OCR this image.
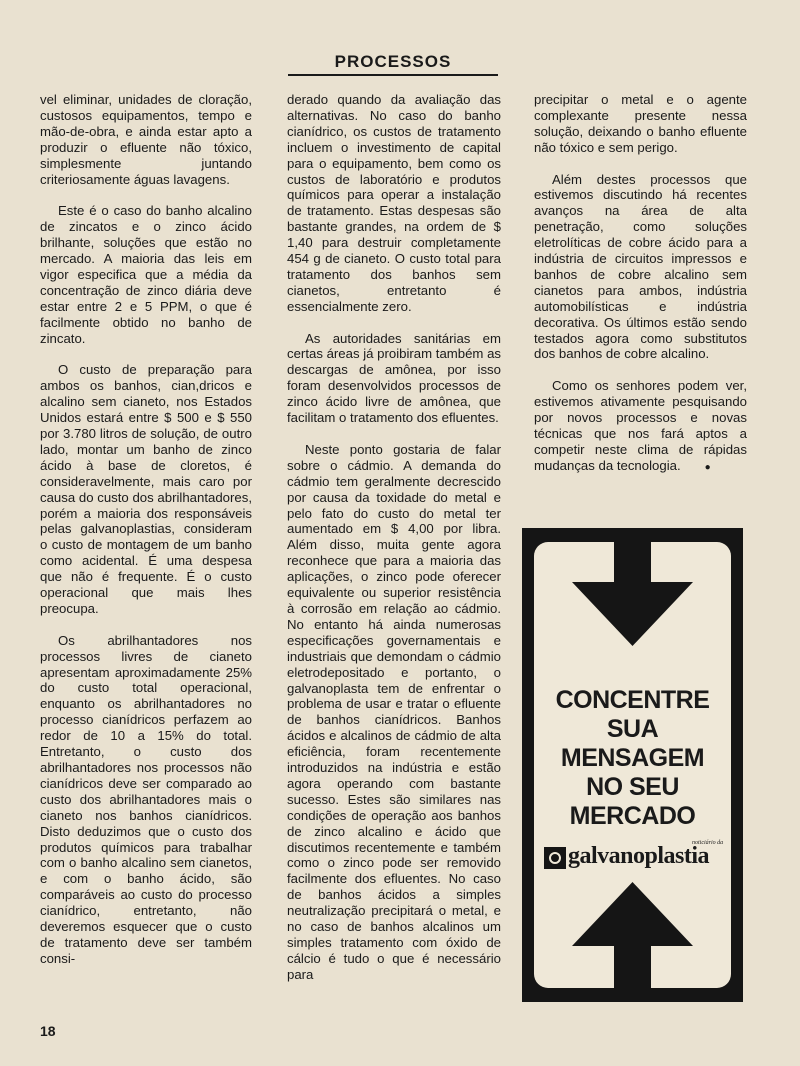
PROCESSOS

vel eliminar, unidades de cloração, custosos equipamentos, tempo e mão-de-obra, e ainda estar apto a produzir o efluente não tóxico, simplesmente juntando criteriosamente águas lavagens.

Este é o caso do banho alcalino de zincatos e o zinco ácido brilhante, soluções que estão no mercado. A maioria das leis em vigor especifica que a média da concentração de zinco diária deve estar entre 2 e 5 PPM, o que é facilmente obtido no banho de zincato.

O custo de preparação para ambos os banhos, cian,dricos e alcalino sem cianeto, nos Estados Unidos estará entre $ 500 e $ 550 por 3.780 litros de solução, de outro lado, montar um banho de zinco ácido à base de cloretos, é consideravelmente, mais caro por causa do custo dos abrilhantadores, porém a maioria dos responsáveis pelas galvanoplastias, consideram o custo de montagem de um banho como acidental. É uma despesa que não é frequente. É o custo operacional que mais lhes preocupa.

Os abrilhantadores nos processos livres de cianeto apresentam aproximadamente 25% do custo total operacional, enquanto os abrilhantadores no processo cianídricos perfazem ao redor de 10 a 15% do total. Entretanto, o custo dos abrilhantadores nos processos não cianídricos deve ser comparado ao custo dos abrilhantadores mais o cianeto nos banhos cianídricos. Disto deduzimos que o custo dos produtos químicos para trabalhar com o banho alcalino sem cianetos, e com o banho ácido, são comparáveis ao custo do processo cianídrico, entretanto, não deveremos esquecer que o custo de tratamento deve ser também consi-

derado quando da avaliação das alternativas. No caso do banho cianídrico, os custos de tratamento incluem o investimento de capital para o equipamento, bem como os custos de laboratório e produtos químicos para operar a instalação de tratamento. Estas despesas são bastante grandes, na ordem de $ 1,40 para destruir completamente 454 g de cianeto. O custo total para tratamento dos banhos sem cianetos, entretanto é essencialmente zero.

As autoridades sanitárias em certas áreas já proibiram também as descargas de amônea, por isso foram desenvolvidos processos de zinco ácido livre de amônea, que facilitam o tratamento dos efluentes.

Neste ponto gostaria de falar sobre o cádmio. A demanda do cádmio tem geralmente decrescido por causa da toxidade do metal e pelo fato do custo do metal ter aumentado em $ 4,00 por libra. Além disso, muita gente agora reconhece que para a maioria das aplicações, o zinco pode oferecer equivalente ou superior resistência à corrosão em relação ao cádmio. No entanto há ainda numerosas especificações governamentais e industriais que demondam o cádmio eletrodepositado e portanto, o galvanoplasta tem de enfrentar o problema de usar e tratar o efluente de banhos cianídricos. Banhos ácidos e alcalinos de cádmio de alta eficiência, foram recentemente introduzidos na indústria e estão agora operando com bastante sucesso. Estes são similares nas condições de operação aos banhos de zinco alcalino e ácido que discutimos recentemente e também como o zinco pode ser removido facilmente dos efluentes. No caso de banhos ácidos a simples neutralização precipitará o metal, e no caso de banhos alcalinos um simples tratamento com óxido de cálcio é tudo o que é necessário para

precipitar o metal e o agente complexante presente nessa solução, deixando o banho efluente não tóxico e sem perigo.

Além destes processos que estivemos discutindo há recentes avanços na área de alta penetração, como soluções eletrolíticas de cobre ácido para a indústria de circuitos impressos e banhos de cobre alcalino sem cianetos para ambos, indústria automobilísticas e indústria decorativa. Os últimos estão sendo testados agora como substitutos dos banhos de cobre alcalino.

Como os senhores podem ver, estivemos ativamente pesquisando por novos processos e novas técnicas que nos fará aptos a competir neste clima de rápidas mudanças da tecnologia. ●

CONCENTRE
SUA
MENSAGEM
NO SEU
MERCADO
noticiário da
galvanoplastia
18
